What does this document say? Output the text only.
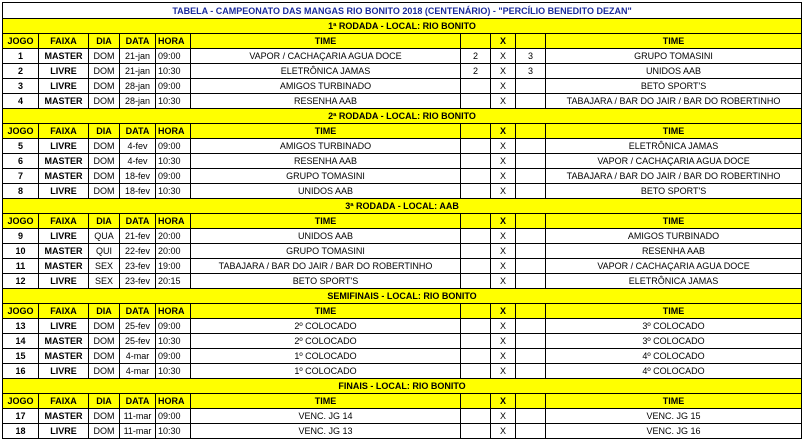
TABELA - CAMPEONATO DAS MANGAS RIO BONITO 2018 (CENTENÁRIO) - "PERCÍLIO BENEDITO DEZAN"									
1ª RODADA - LOCAL: RIO BONITO									
JOGO	FAIXA	DIA	DATA	HORA	TIME		X		TIME
1	MASTER	DOM	21-jan	09:00	VAPOR / CACHAÇARIA AGUA DOCE	2	X	3	GRUPO TOMASINI
2	LIVRE	DOM	21-jan	10:30	ELETRÔNICA JAMAS	2	X	3	UNIDOS AAB
3	LIVRE	DOM	28-jan	09:00	AMIGOS TURBINADO		X		BETO SPORT'S
4	MASTER	DOM	28-jan	10:30	RESENHA AAB		X		TABAJARA / BAR DO JAIR / BAR DO ROBERTINHO
2ª RODADA - LOCAL: RIO BONITO									
JOGO	FAIXA	DIA	DATA	HORA	TIME		X		TIME
5	LIVRE	DOM	4-fev	09:00	AMIGOS TURBINADO		X		ELETRÔNICA JAMAS
6	MASTER	DOM	4-fev	10:30	RESENHA AAB		X		VAPOR / CACHAÇARIA AGUA DOCE
7	MASTER	DOM	18-fev	09:00	GRUPO TOMASINI		X		TABAJARA / BAR DO JAIR / BAR DO ROBERTINHO
8	LIVRE	DOM	18-fev	10:30	UNIDOS AAB		X		BETO SPORT'S
3ª RODADA - LOCAL: AAB									
JOGO	FAIXA	DIA	DATA	HORA	TIME		X		TIME
9	LIVRE	QUA	21-fev	20:00	UNIDOS AAB		X		AMIGOS TURBINADO
10	MASTER	QUI	22-fev	20:00	GRUPO TOMASINI		X		RESENHA AAB
11	MASTER	SEX	23-fev	19:00	TABAJARA / BAR DO JAIR / BAR DO ROBERTINHO		X		VAPOR / CACHAÇARIA AGUA DOCE
12	LIVRE	SEX	23-fev	20:15	BETO SPORT'S		X		ELETRÔNICA JAMAS
SEMIFINAIS - LOCAL: RIO BONITO									
JOGO	FAIXA	DIA	DATA	HORA	TIME		X		TIME
13	LIVRE	DOM	25-fev	09:00	2º COLOCADO		X		3º COLOCADO
14	MASTER	DOM	25-fev	10:30	2º COLOCADO		X		3º COLOCADO
15	MASTER	DOM	4-mar	09:00	1º COLOCADO		X		4º COLOCADO
16	LIVRE	DOM	4-mar	10:30	1º COLOCADO		X		4º COLOCADO
FINAIS - LOCAL: RIO BONITO									
JOGO	FAIXA	DIA	DATA	HORA	TIME		X		TIME
17	MASTER	DOM	11-mar	09:00	VENC. JG 14		X		VENC. JG 15
18	LIVRE	DOM	11-mar	10:30	VENC. JG 13		X		VENC. JG 16
